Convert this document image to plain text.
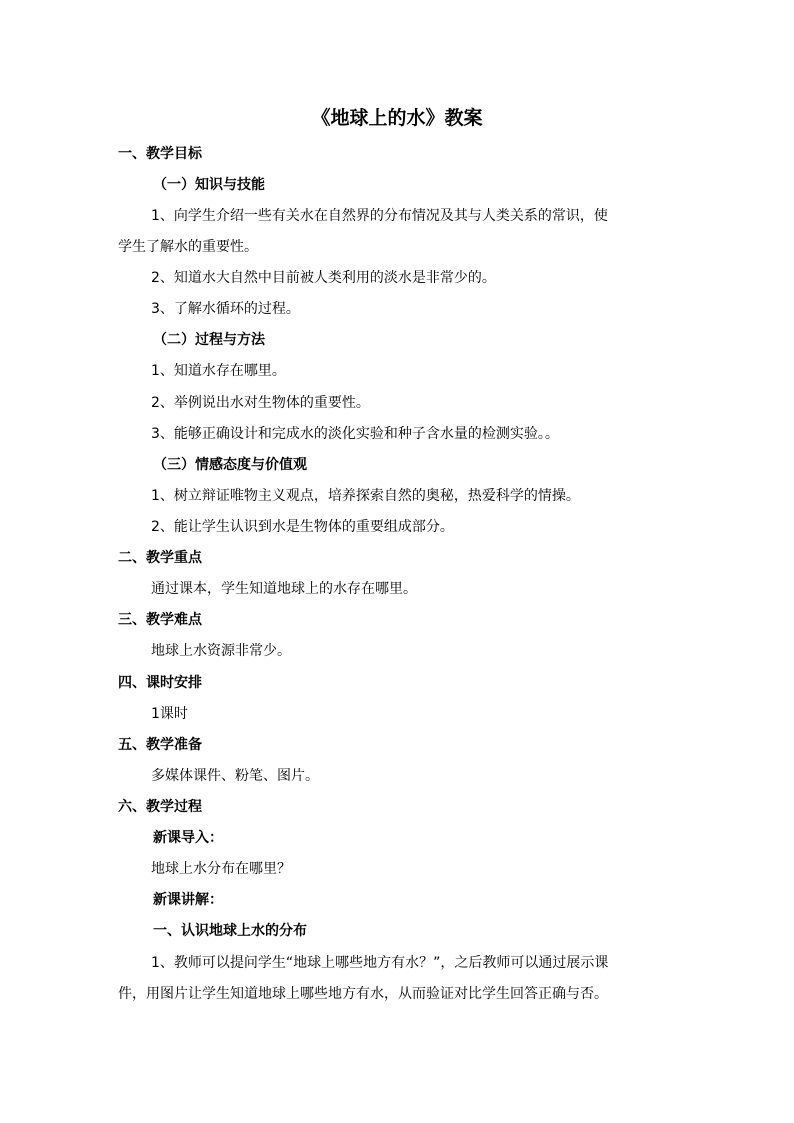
《地球上的水》教案
一、教学目标
（一）知识与技能
1、向学生介绍一些有关水在自然界的分布情况及其与人类关系的常识，使
学生了解水的重要性。
2、知道水大自然中目前被人类利用的淡水是非常少的。
3、了解水循环的过程。
（二）过程与方法
1、知道水存在哪里。
2、举例说出水对生物体的重要性。
3、能够正确设计和完成水的淡化实验和种子含水量的检测实验。。
（三）情感态度与价值观
1、树立辩证唯物主义观点，培养探索自然的奥秘，热爱科学的情操。
2、能让学生认识到水是生物体的重要组成部分。
二、教学重点
通过课本，学生知道地球上的水存在哪里。
三、教学难点
地球上水资源非常少。
四、课时安排
1课时
五、教学准备
多媒体课件、粉笔、图片。
六、教学过程
新课导入：
地球上水分布在哪里？
新课讲解：
一、认识地球上水的分布
1、教师可以提问学生“地球上哪些地方有水？”，之后教师可以通过展示课
件，用图片让学生知道地球上哪些地方有水，从而验证对比学生回答正确与否。
